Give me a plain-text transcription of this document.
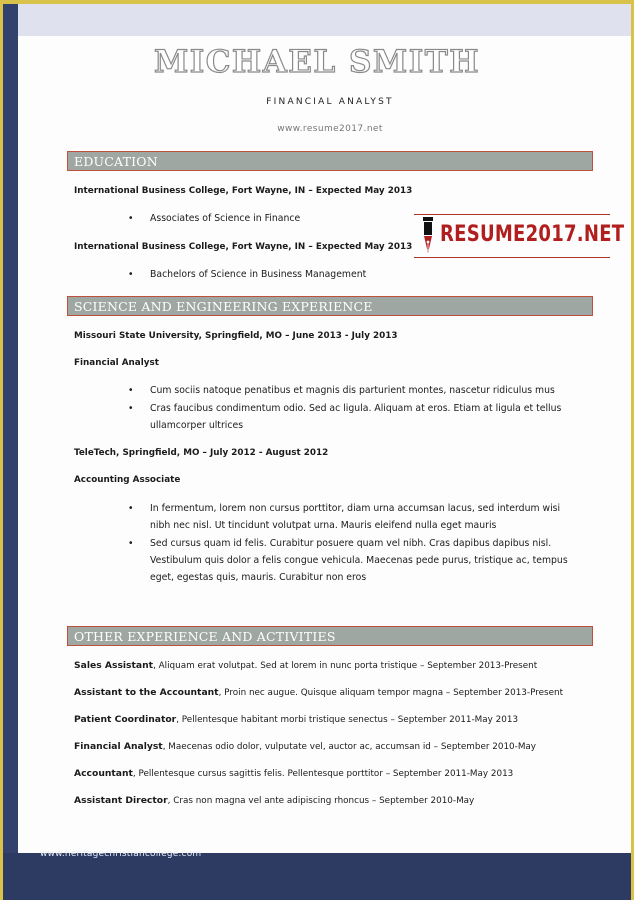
MICHAEL SMITH
FINANCIAL ANALYST
www.resume2017.net
EDUCATION
International Business College, Fort Wayne, IN – Expected May 2013
•	Associates of Science in Finance
International Business College, Fort Wayne, IN – Expected May 2013
•	Bachelors of Science in Business Management
RESUME2017.NET
SCIENCE AND ENGINEERING EXPERIENCE
Missouri State University, Springfield, MO – June 2013 - July 2013
Financial Analyst
•	Cum sociis natoque penatibus et magnis dis parturient montes, nascetur ridiculus mus
•	Cras faucibus condimentum odio. Sed ac ligula. Aliquam at eros. Etiam at ligula et tellus ullamcorper ultrices
TeleTech, Springfield, MO – July 2012 - August 2012
Accounting Associate
•	In fermentum, lorem non cursus porttitor, diam urna accumsan lacus, sed interdum wisi nibh nec nisl. Ut tincidunt volutpat urna. Mauris eleifend nulla eget mauris
•	Sed cursus quam id felis. Curabitur posuere quam vel nibh. Cras dapibus dapibus nisl. Vestibulum quis dolor a felis congue vehicula. Maecenas pede purus, tristique ac, tempus eget, egestas quis, mauris. Curabitur non eros
OTHER EXPERIENCE AND ACTIVITIES
Sales Assistant, Aliquam erat volutpat. Sed at lorem in nunc porta tristique – September 2013-Present
Assistant to the Accountant, Proin nec augue. Quisque aliquam tempor magna – September 2013-Present
Patient Coordinator, Pellentesque habitant morbi tristique senectus – September 2011-May 2013
Financial Analyst, Maecenas odio dolor, vulputate vel, auctor ac, accumsan id – September 2010-May
Accountant, Pellentesque cursus sagittis felis. Pellentesque porttitor – September 2011-May 2013
Assistant Director, Cras non magna vel ante adipiscing rhoncus – September 2010-May
www.heritagechristiancollege.com
